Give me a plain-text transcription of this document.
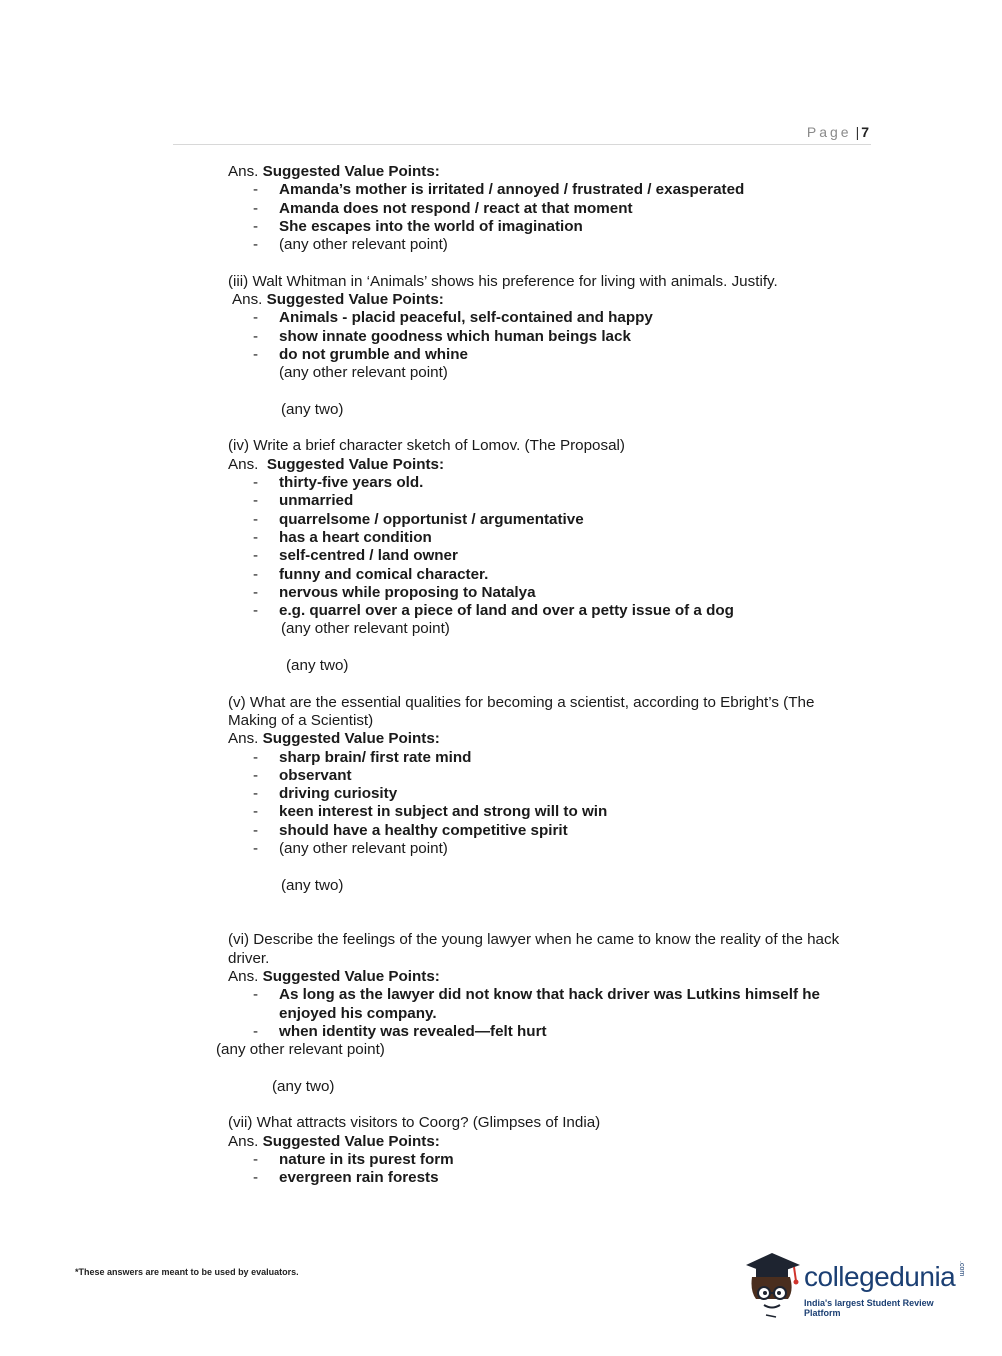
Page | 7
Ans. Suggested Value Points:
- Amanda’s mother is irritated / annoyed / frustrated / exasperated
- Amanda does not respond / react at that moment
- She escapes into the world of imagination
- (any other relevant point)
(iii) Walt Whitman in ‘Animals’ shows his preference for living with animals. Justify.
Ans. Suggested Value Points:
- Animals - placid peaceful, self-contained and happy
- show innate goodness which human beings lack
- do not grumble and whine
(any other relevant point)
(any two)
(iv) Write a brief character sketch of Lomov. (The Proposal)
Ans.  Suggested Value Points:
- thirty-five years old.
- unmarried
- quarrelsome / opportunist / argumentative
- has a heart condition
- self-centred / land owner
- funny and comical character.
- nervous while proposing to Natalya
- e.g. quarrel over a piece of land and over a petty issue of a dog
(any other relevant point)
(any two)
(v) What are the essential qualities for becoming a scientist, according to Ebright’s (The
Making of a Scientist)
Ans. Suggested Value Points:
- sharp brain/ first rate mind
- observant
- driving curiosity
- keen interest in subject and strong will to win
- should have a healthy competitive spirit
- (any other relevant point)
(any two)
(vi) Describe the feelings of the young lawyer when he came to know the reality of the hack
driver.
Ans. Suggested Value Points:
- As long as the lawyer did not know that hack driver was Lutkins himself he
enjoyed his company.
- when identity was revealed—felt hurt
(any other relevant point)
(any two)
(vii) What attracts visitors to Coorg? (Glimpses of India)
Ans. Suggested Value Points:
- nature in its purest form
- evergreen rain forests
*These answers are meant to be used by evaluators.	collegedunia .com
India's largest Student Review Platform
